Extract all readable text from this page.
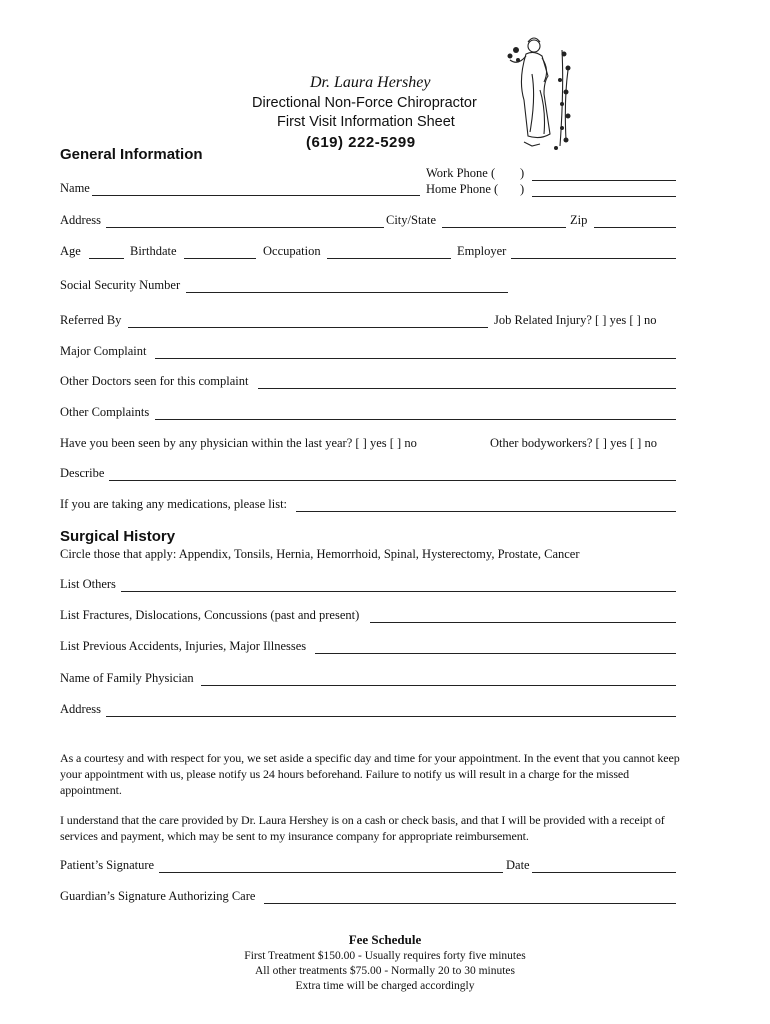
Dr. Laura Hershey
Directional Non-Force Chiropractor
First Visit Information Sheet
(619) 222-5299
General Information
Work Phone ( )
Home Phone ( )
Name
Address	City/State	Zip
Age	Birthdate	Occupation	Employer
Social Security Number
Referred By	Job Related Injury? [ ] yes [ ] no
Major Complaint
Other Doctors seen for this complaint
Other Complaints
Have you been seen by any physician within the last year? [ ] yes [ ] no	Other bodyworkers? [ ] yes [ ] no
Describe
If you are taking any medications, please list:
Surgical History
Circle those that apply: Appendix, Tonsils, Hernia, Hemorrhoid, Spinal, Hysterectomy, Prostate, Cancer
List Others
List Fractures, Dislocations, Concussions (past and present)
List Previous Accidents, Injuries, Major Illnesses
Name of Family Physician
Address
As a courtesy and with respect for you, we set aside a specific day and time for your appointment. In the event that you cannot keep your appointment with us, please notify us 24 hours beforehand. Failure to notify us will result in a charge for the missed appointment.
I understand that the care provided by Dr. Laura Hershey is on a cash or check basis, and that I will be provided with a receipt of services and payment, which may be sent to my insurance company for appropriate reimbursement.
Patient’s Signature	Date
Guardian’s Signature Authorizing Care
Fee Schedule
First Treatment $150.00 - Usually requires forty five minutes
All other treatments $75.00 - Normally 20 to 30 minutes
Extra time will be charged accordingly
